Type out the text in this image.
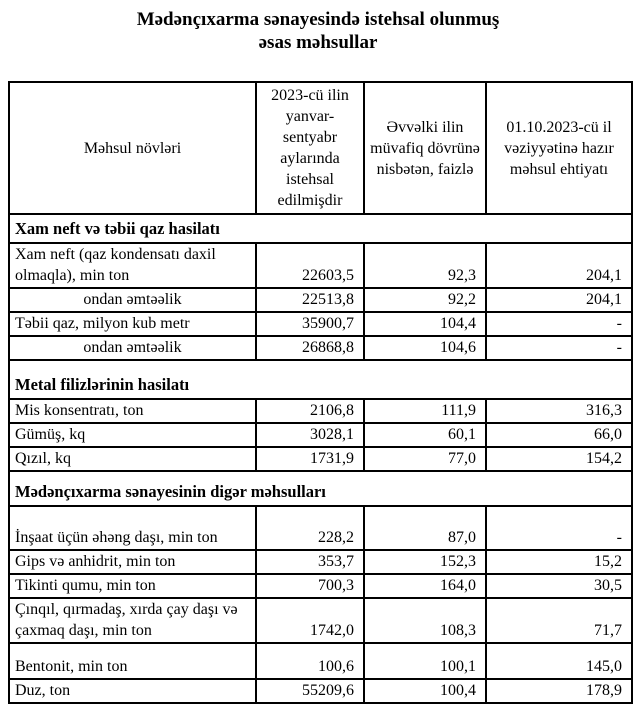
Mədənçıxarma sənayesində istehsal olunmuş
əsas məhsullar
Məhsul növləri	2023-cü ilin yanvar-sentyabr aylarında istehsal edilmişdir	Əvvəlki ilin müvafiq dövrünə nisbətən, faizlə	01.10.2023-cü il vəziyyətinə hazır məhsul ehtiyatı
Xam neft və təbii qaz hasilatı			
Xam neft (qaz kondensatı daxil olmaqla), min ton	22603,5	92,3	204,1
ondan əmtəəlik	22513,8	92,2	204,1
Təbii qaz, milyon kub metr	35900,7	104,4	-
ondan əmtəəlik	26868,8	104,6	-
Metal filizlərinin hasilatı			
Mis konsentratı, ton	2106,8	111,9	316,3
Gümüş, kq	3028,1	60,1	66,0
Qızıl, kq	1731,9	77,0	154,2
Mədənçıxarma sənayesinin digər məhsulları			
İnşaat üçün əhəng daşı, min ton	228,2	87,0	-
Gips və anhidrit, min ton	353,7	152,3	15,2
Tikinti qumu, min ton	700,3	164,0	30,5
Çınqıl, qırmadaş, xırda çay daşı və çaxmaq daşı, min ton	1742,0	108,3	71,7
Bentonit, min ton	100,6	100,1	145,0
Duz, ton	55209,6	100,4	178,9
